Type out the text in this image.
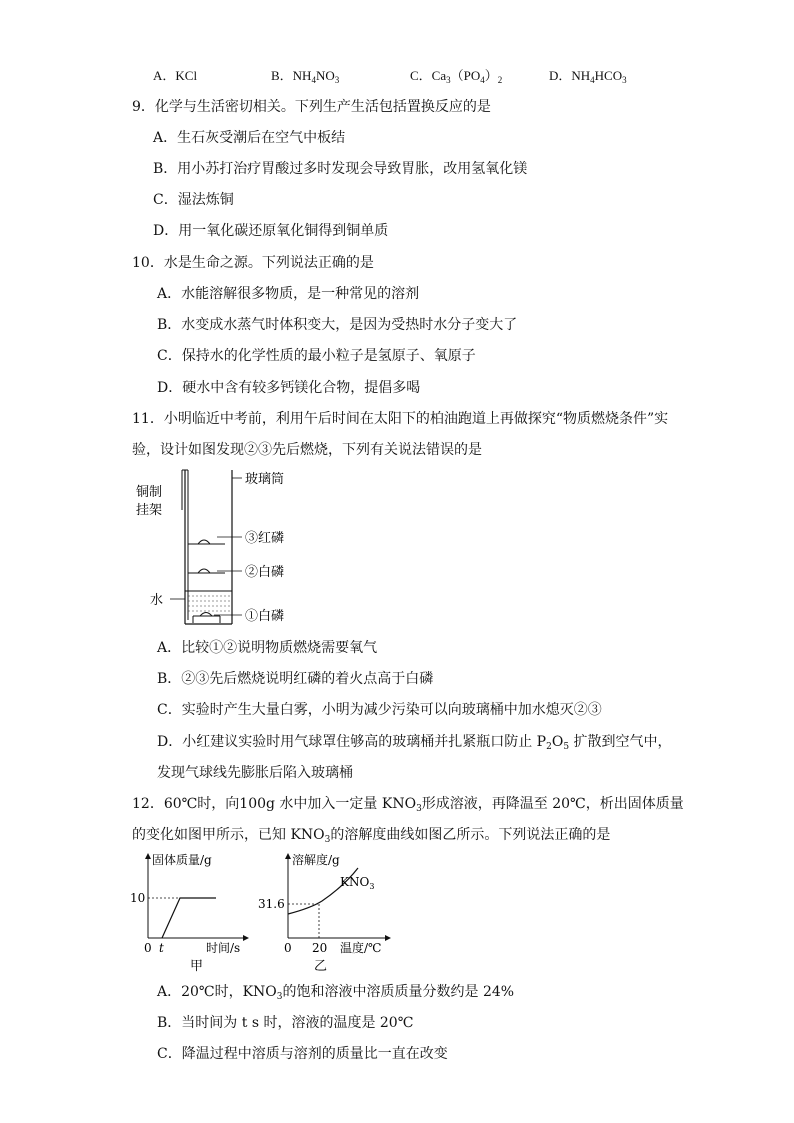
A．KCl	B．$NH_4NO_3$	C．$Ca_3(PO_4)_2$	D．$NH_4HCO_3$
9．化学与生活密切相关。下列生产生活包括置换反应的是
A．生石灰受潮后在空气中板结
B．用小苏打治疗胃酸过多时发现会导致胃胀，改用氢氧化镁
C．湿法炼铜
D．用一氧化碳还原氧化铜得到铜单质
10．水是生命之源。下列说法正确的是
A．水能溶解很多物质，是一种常见的溶剂
B．水变成水蒸气时体积变大，是因为受热时水分子变大了
C．保持水的化学性质的最小粒子是氢原子、氧原子
D．硬水中含有较多钙镁化合物，提倡多喝
11．小明临近中考前，利用午后时间在太阳下的柏油跑道上再做探究“物质燃烧条件”实
验，设计如图发现②③先后燃烧，下列有关说法错误的是
铜制
挂架
玻璃筒
③红磷
②白磷
水
①白磷
A．比较①②说明物质燃烧需要氧气
B．②③先后燃烧说明红磷的着火点高于白磷
C．实验时产生大量白雾，小明为减少污染可以向玻璃桶中加水熄灭②③
D．小红建议实验时用气球罩住够高的玻璃桶并扎紧瓶口防止 $P_2O_5$ 扩散到空气中，
发现气球线先膨胀后陷入玻璃桶
12．60℃时，向100g 水中加入一定量 $KNO_3$形成溶液，再降温至 20℃，析出固体质量
的变化如图甲所示，已知 $KNO_3$的溶解度曲线如图乙所示。下列说法正确的是
固体质量/g
10
0 t	时间/s
甲
$KNO_3$
溶解度/g
31.6
0 20 温度/℃
乙
A．20℃时，$KNO_3$的饱和溶液中溶质质量分数约是 24%
B．当时间为 t s 时，溶液的温度是 20℃
C．降温过程中溶质与溶剂的质量比一直在改变
